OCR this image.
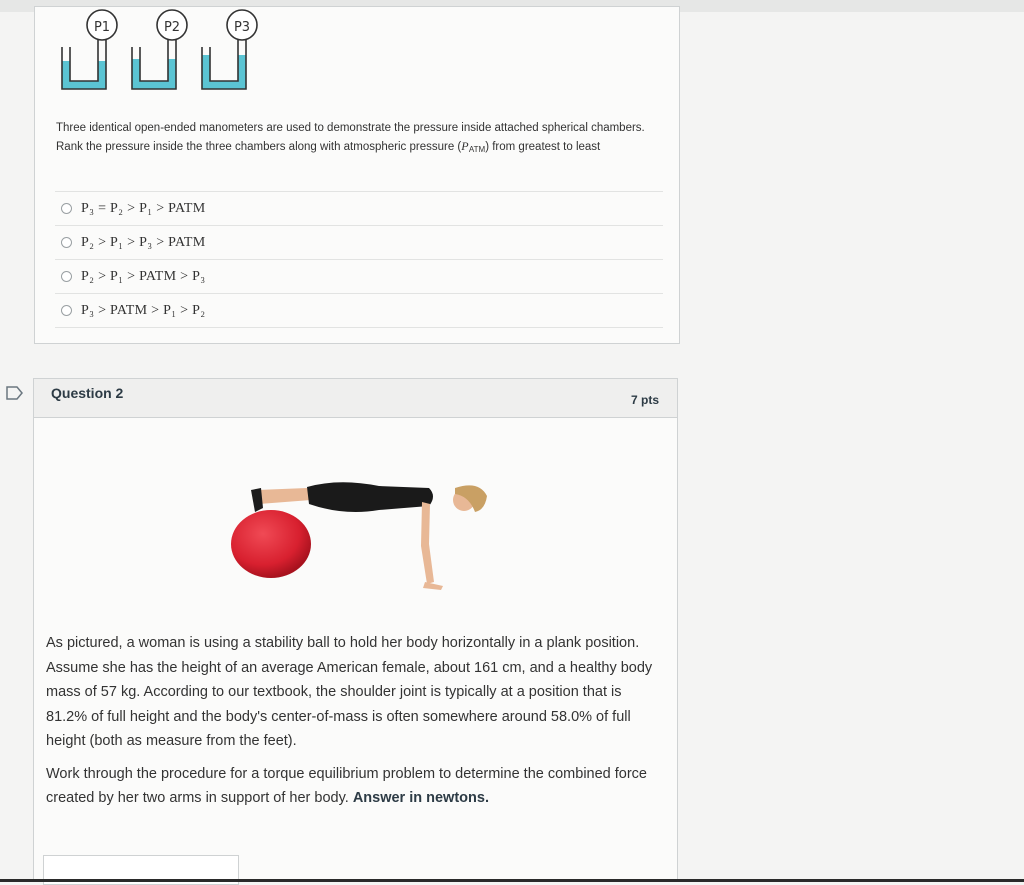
P1	P2	P3
Three identical open-ended manometers are used to demonstrate the pressure inside attached spherical chambers. Rank the pressure inside the three chambers along with atmospheric pressure $(P_{ATM})$ from greatest to least
P₃ = P₂ > P₁ > PATM
P₂ > P₁ > P₃ > PATM
P₂ > P₁ > PATM > P₃
P₃ > PATM > P₁ > P₂
Question 2	7 pts
As pictured, a woman is using a stability ball to hold her body horizontally in a plank position. Assume she has the height of an average American female, about 161 cm, and a healthy body mass of 57 kg. According to our textbook, the shoulder joint is typically at a position that is 81.2% of full height and the body's center-of-mass is often somewhere around 58.0% of full height (both as measure from the feet).
Work through the procedure for a torque equilibrium problem to determine the combined force created by her two arms in support of her body. Answer in newtons.
